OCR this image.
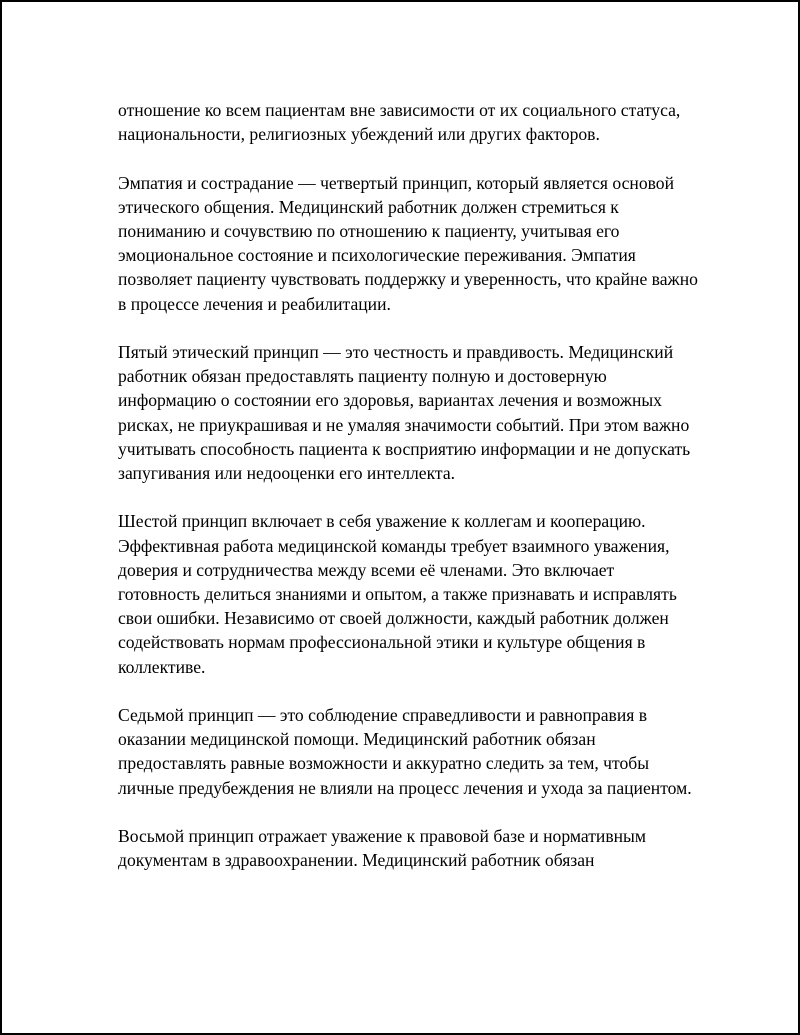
отношение ко всем пациентам вне зависимости от их социального статуса, национальности, религиозных убеждений или других факторов.

Эмпатия и сострадание — четвертый принцип, который является основой этического общения. Медицинский работник должен стремиться к пониманию и сочувствию по отношению к пациенту, учитывая его эмоциональное состояние и психологические переживания. Эмпатия позволяет пациенту чувствовать поддержку и уверенность, что крайне важно в процессе лечения и реабилитации.

Пятый этический принцип — это честность и правдивость. Медицинский работник обязан предоставлять пациенту полную и достоверную информацию о состоянии его здоровья, вариантах лечения и возможных рисках, не приукрашивая и не умаляя значимости событий. При этом важно учитывать способность пациента к восприятию информации и не допускать запугивания или недооценки его интеллекта.

Шестой принцип включает в себя уважение к коллегам и кооперацию. Эффективная работа медицинской команды требует взаимного уважения, доверия и сотрудничества между всеми её членами. Это включает готовность делиться знаниями и опытом, а также признавать и исправлять свои ошибки. Независимо от своей должности, каждый работник должен содействовать нормам профессиональной этики и культуре общения в коллективе.

Седьмой принцип — это соблюдение справедливости и равноправия в оказании медицинской помощи. Медицинский работник обязан предоставлять равные возможности и аккуратно следить за тем, чтобы личные предубеждения не влияли на процесс лечения и ухода за пациентом.

Восьмой принцип отражает уважение к правовой базе и нормативным документам в здравоохранении. Медицинский работник обязан
